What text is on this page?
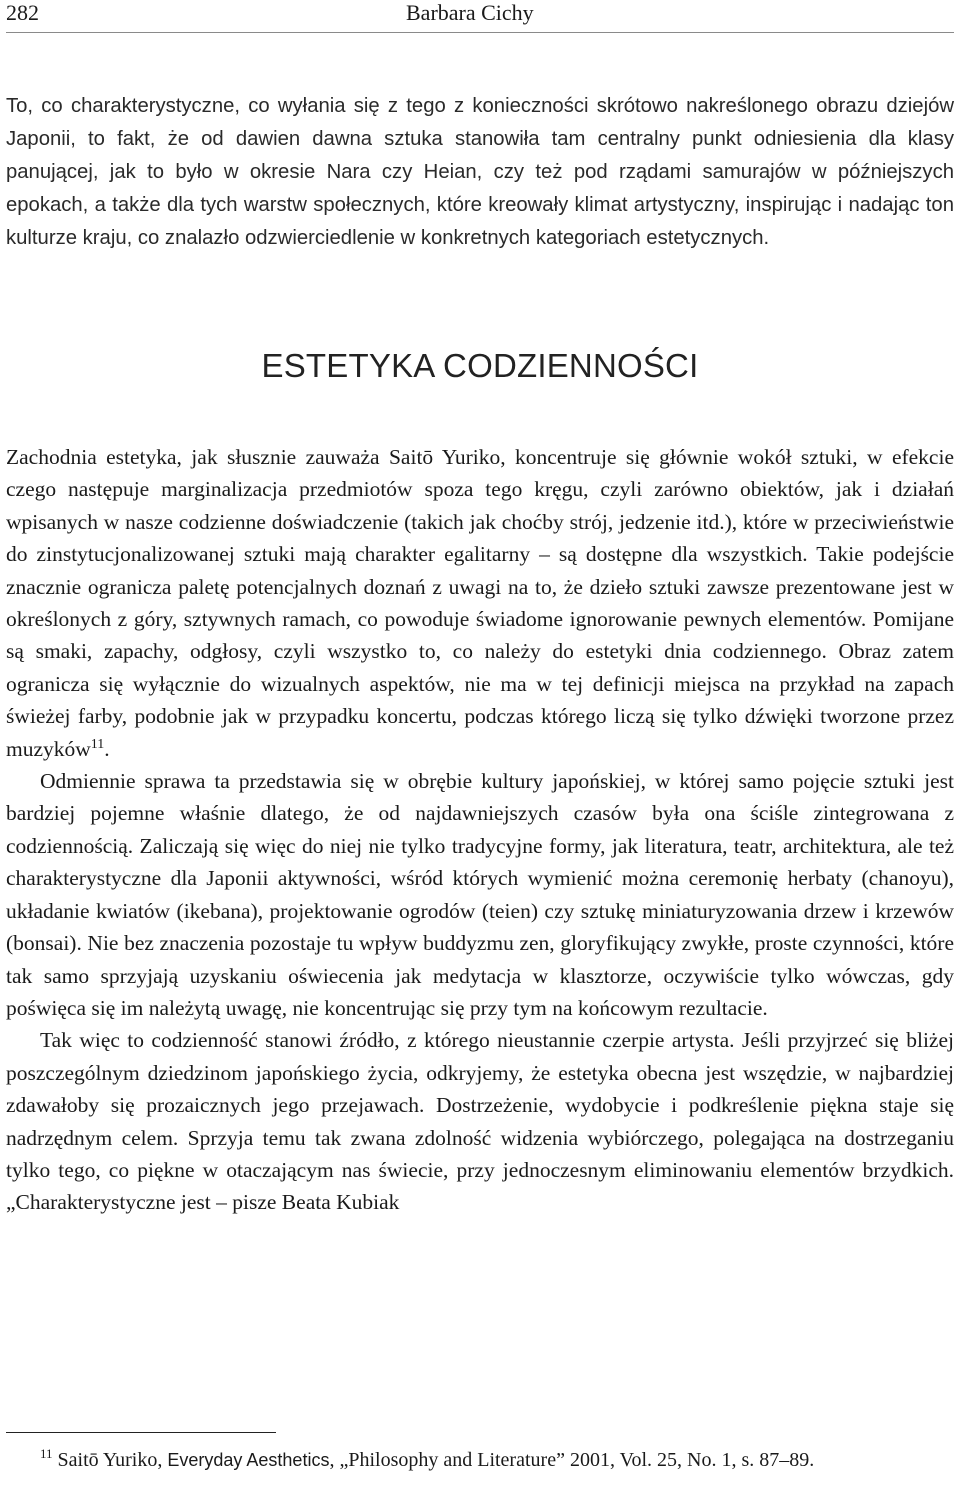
282	Barbara Cichy

To, co charakterystyczne, co wyłania się z tego z konieczności skrótowo nakreślonego obrazu dziejów Japonii, to fakt, że od dawien dawna sztuka stanowiła tam centralny punkt odniesienia dla klasy panującej, jak to było w okresie Nara czy Heian, czy też pod rządami samurajów w późniejszych epokach, a także dla tych warstw społecznych, które kreowały klimat artystyczny, inspirując i nadając ton kulturze kraju, co znalazło odzwierciedlenie w konkretnych kategoriach estetycznych.

ESTETYKA CODZIENNOŚCI

Zachodnia estetyka, jak słusznie zauważa Saitō Yuriko, koncentruje się głównie wokół sztuki, w efekcie czego następuje marginalizacja przedmiotów spoza tego kręgu, czyli zarówno obiektów, jak i działań wpisanych w nasze codzienne doświadczenie (takich jak choćby strój, jedzenie itd.), które w przeciwieństwie do zinstytucjonalizowanej sztuki mają charakter egalitarny – są dostępne dla wszystkich. Takie podejście znacznie ogranicza paletę potencjalnych doznań z uwagi na to, że dzieło sztuki zawsze prezentowane jest w określonych z góry, sztywnych ramach, co powoduje świadome ignorowanie pewnych elementów. Pomijane są smaki, zapachy, odgłosy, czyli wszystko to, co należy do estetyki dnia codziennego. Obraz zatem ogranicza się wyłącznie do wizualnych aspektów, nie ma w tej definicji miejsca na przykład na zapach świeżej farby, podobnie jak w przypadku koncertu, podczas którego liczą się tylko dźwięki tworzone przez muzyków$^{11}$.

Odmiennie sprawa ta przedstawia się w obrębie kultury japońskiej, w której samo pojęcie sztuki jest bardziej pojemne właśnie dlatego, że od najdawniejszych czasów była ona ściśle zintegrowana z codziennością. Zaliczają się więc do niej nie tylko tradycyjne formy, jak literatura, teatr, architektura, ale też charakterystyczne dla Japonii aktywności, wśród których wymienić można ceremonię herbaty (chanoyu), układanie kwiatów (ikebana), projektowanie ogrodów (teien) czy sztukę miniaturyzowania drzew i krzewów (bonsai). Nie bez znaczenia pozostaje tu wpływ buddyzmu zen, gloryfikujący zwykłe, proste czynności, które tak samo sprzyjają uzyskaniu oświecenia jak medytacja w klasztorze, oczywiście tylko wówczas, gdy poświęca się im należytą uwagę, nie koncentrując się przy tym na końcowym rezultacie.

Tak więc to codzienność stanowi źródło, z którego nieustannie czerpie artysta. Jeśli przyjrzeć się bliżej poszczególnym dziedzinom japońskiego życia, odkryjemy, że estetyka obecna jest wszędzie, w najbardziej zdawałoby się prozaicznych jego przejawach. Dostrzeżenie, wydobycie i podkreślenie piękna staje się nadrzędnym celem. Sprzyja temu tak zwana zdolność widzenia wybiórczego, polegająca na dostrzeganiu tylko tego, co piękne w otaczającym nas świecie, przy jednoczesnym eliminowaniu elementów brzydkich. „Charakterystyczne jest – pisze Beata Kubiak

$^{11}$ Saitō Yuriko, Everyday Aesthetics, „Philosophy and Literature” 2001, Vol. 25, No. 1, s. 87–89.
